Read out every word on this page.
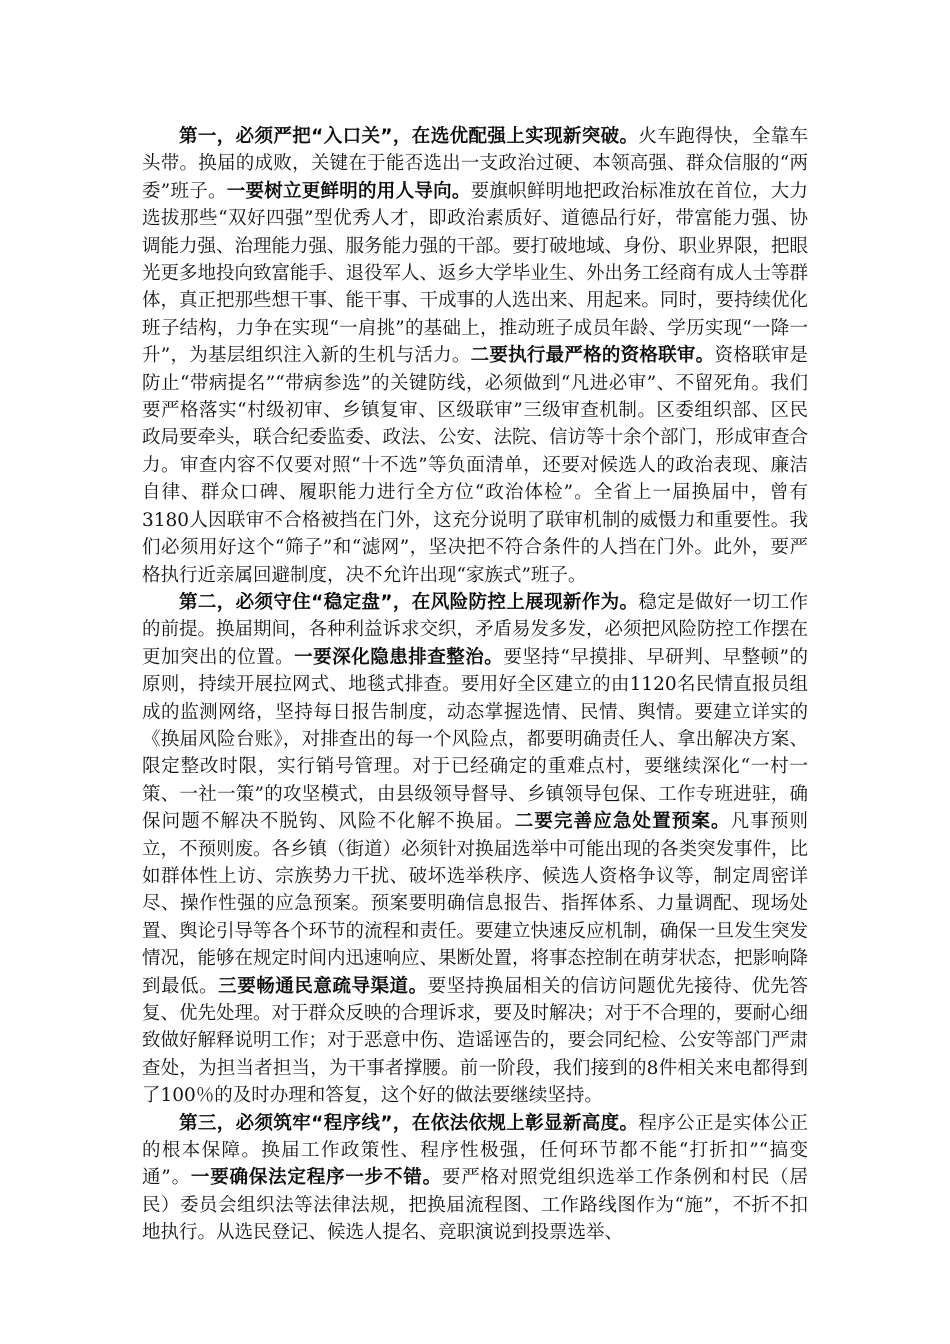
第一，必须严把“入口关”，在选优配强上实现新突破。火车跑得快，全靠车头带。换届的成败，关键在于能否选出一支政治过硬、本领高强、群众信服的“两委”班子。一要树立更鲜明的用人导向。要旗帜鲜明地把政治标准放在首位，大力选拔那些“双好四强”型优秀人才，即政治素质好、道德品行好，带富能力强、协调能力强、治理能力强、服务能力强的干部。要打破地域、身份、职业界限，把眼光更多地投向致富能手、退役军人、返乡大学毕业生、外出务工经商有成人士等群体，真正把那些想干事、能干事、干成事的人选出来、用起来。同时，要持续优化班子结构，力争在实现“一肩挑”的基础上，推动班子成员年龄、学历实现“一降一升”，为基层组织注入新的生机与活力。二要执行最严格的资格联审。资格联审是防止“带病提名”“带病参选”的关键防线，必须做到“凡进必审”、不留死角。我们要严格落实“村级初审、乡镇复审、区级联审”三级审查机制。区委组织部、区民政局要牵头，联合纪委监委、政法、公安、法院、信访等十余个部门，形成审查合力。审查内容不仅要对照“十不选”等负面清单，还要对候选人的政治表现、廉洁自律、群众口碑、履职能力进行全方位“政治体检”。全省上一届换届中，曾有3180人因联审不合格被挡在门外，这充分说明了联审机制的威慑力和重要性。我们必须用好这个“筛子”和“滤网”，坚决把不符合条件的人挡在门外。此外，要严格执行近亲属回避制度，决不允许出现“家族式”班子。

第二，必须守住“稳定盘”，在风险防控上展现新作为。稳定是做好一切工作的前提。换届期间，各种利益诉求交织，矛盾易发多发，必须把风险防控工作摆在更加突出的位置。一要深化隐患排查整治。要坚持“早摸排、早研判、早整顿”的原则，持续开展拉网式、地毯式排查。要用好全区建立的由1120名民情直报员组成的监测网络，坚持每日报告制度，动态掌握选情、民情、舆情。要建立详实的《换届风险台账》，对排查出的每一个风险点，都要明确责任人、拿出解决方案、限定整改时限，实行销号管理。对于已经确定的重难点村，要继续深化“一村一策、一社一策”的攻坚模式，由县级领导督导、乡镇领导包保、工作专班进驻，确保问题不解决不脱钩、风险不化解不换届。二要完善应急处置预案。凡事预则立，不预则废。各乡镇（街道）必须针对换届选举中可能出现的各类突发事件，比如群体性上访、宗族势力干扰、破坏选举秩序、候选人资格争议等，制定周密详尽、操作性强的应急预案。预案要明确信息报告、指挥体系、力量调配、现场处置、舆论引导等各个环节的流程和责任。要建立快速反应机制，确保一旦发生突发情况，能够在规定时间内迅速响应、果断处置，将事态控制在萌芽状态，把影响降到最低。三要畅通民意疏导渠道。要坚持换届相关的信访问题优先接待、优先答复、优先处理。对于群众反映的合理诉求，要及时解决；对于不合理的，要耐心细致做好解释说明工作；对于恶意中伤、造谣诬告的，要会同纪检、公安等部门严肃查处，为担当者担当，为干事者撑腰。前一阶段，我们接到的8件相关来电都得到了100％的及时办理和答复，这个好的做法要继续坚持。

第三，必须筑牢“程序线”，在依法依规上彰显新高度。程序公正是实体公正的根本保障。换届工作政策性、程序性极强，任何环节都不能“打折扣”“搞变通”。一要确保法定程序一步不错。要严格对照党组织选举工作条例和村民（居民）委员会组织法等法律法规，把换届流程图、工作路线图作为“施”，不折不扣地执行。从选民登记、候选人提名、竞职演说到投票选举、
